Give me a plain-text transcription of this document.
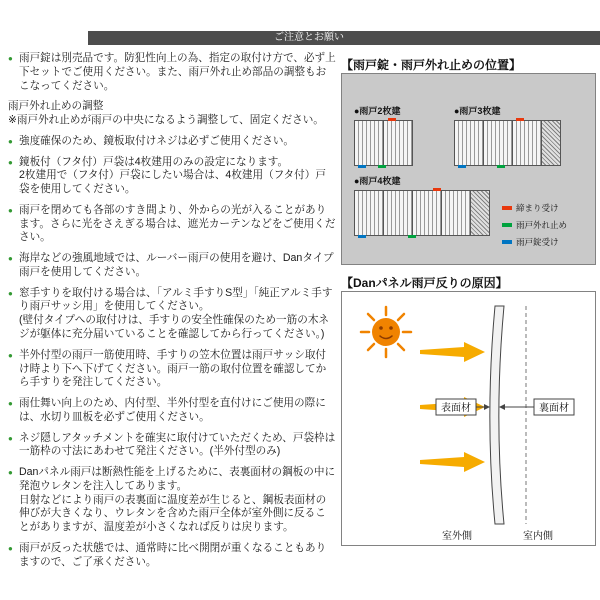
ご注意とお願い
● 雨戸錠は別売品です。防犯性向上の為、指定の取付け方で、必ず上下セットでご使用ください。また、雨戸外れ止め部品の調整もおこなってください。
雨戸外れ止めの調整
※雨戸外れ止めが雨戸の中央になるよう調整して、固定ください。
● 強度確保のため、鏡板取付けネジは必ずご使用ください。
● 鏡板付（フタ付）戸袋は4枚建用のみの設定になります。
2枚建用で（フタ付）戸袋にしたい場合は、4枚建用（フタ付）戸袋を使用してください。
● 雨戸を閉めても各部のすき間より、外からの光が入ることがあります。さらに光をさえぎる場合は、遮光カーテンなどをご使用ください。
● 海岸などの強風地域では、ルーバー雨戸の使用を避け、Danタイプ雨戸を使用してください。
● 窓手すりを取付ける場合は、「アルミ手すりS型」「純正アルミ手すり雨戸サッシ用」を使用してください。
(壁付タイプへの取付けは、手すりの安全性確保のため一筋の木ネジが躯体に充分届いていることを確認してから行ってください。)
● 半外付型の雨戸一筋使用時、手すりの笠木位置は雨戸サッシ取付け時より下へ下げてください。雨戸一筋の取付位置を確認してから手すりを発注してください。
● 雨仕舞い向上のため、内付型、半外付型を直付けにご使用の際には、水切り皿板を必ずご使用ください。
● ネジ隠しアタッチメントを確実に取付けていただくため、戸袋枠は一筋枠の寸法にあわせて発注ください。(半外付型のみ)
● Danパネル雨戸は断熱性能を上げるために、表裏面材の鋼板の中に発泡ウレタンを注入してあります。
日射などにより雨戸の表裏面に温度差が生じると、鋼板表面材の伸びが大きくなり、ウレタンを含めた雨戸全体が室外側に反ることがありますが、温度差が小さくなれば反りは戻ります。
● 雨戸が反った状態では、通常時に比べ開閉が重くなることもありますので、ご了承ください。
【雨戸錠・雨戸外れ止めの位置】
●雨戸2枚建	●雨戸3枚建
●雨戸4枚建
締まり受け
雨戸外れ止め
雨戸錠受け
【Danパネル雨戸反りの原因】
表面材	裏面材
室外側	室内側
